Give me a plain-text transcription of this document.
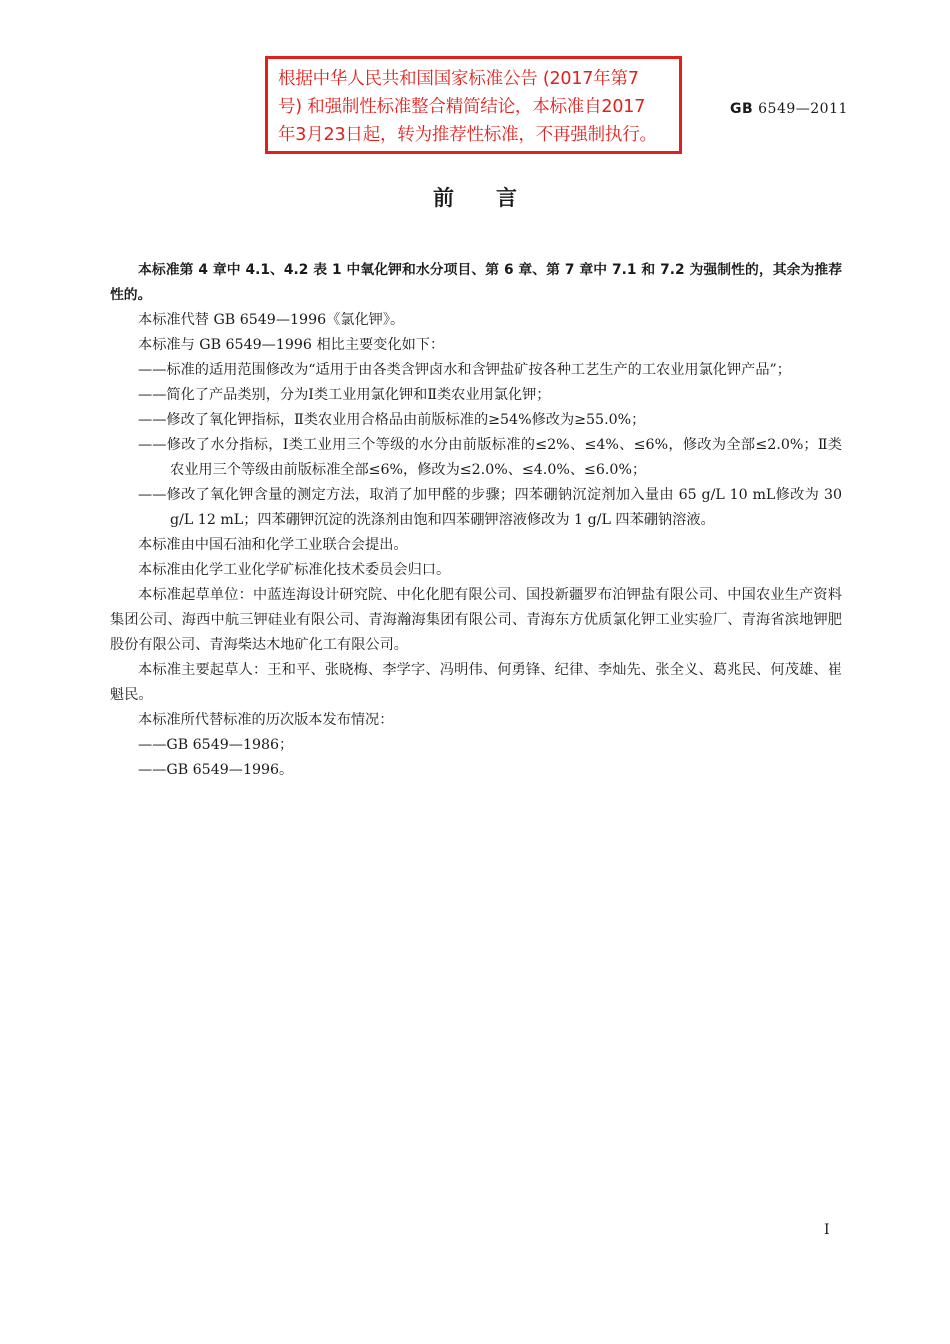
根据中华人民共和国国家标准公告 (2017年第7
号) 和强制性标准整合精简结论，本标准自2017
年3月23日起，转为推荐性标准，不再强制执行。
GB 6549—2011
前言

本标准第 4 章中 4.1、4.2 表 1 中氧化钾和水分项目、第 6 章、第 7 章中 7.1 和 7.2 为强制性的，其余为推荐性的。

本标准代替 GB 6549—1996《氯化钾》。

本标准与 GB 6549—1996 相比主要变化如下：

——标准的适用范围修改为“适用于由各类含钾卤水和含钾盐矿按各种工艺生产的工农业用氯化钾产品”；

——简化了产品类别，分为Ⅰ类工业用氯化钾和Ⅱ类农业用氯化钾；

——修改了氧化钾指标，Ⅱ类农业用合格品由前版标准的≥54%修改为≥55.0%；

——修改了水分指标，Ⅰ类工业用三个等级的水分由前版标准的≤2%、≤4%、≤6%，修改为全部≤2.0%；Ⅱ类农业用三个等级由前版标准全部≤6%，修改为≤2.0%、≤4.0%、≤6.0%；

——修改了氧化钾含量的测定方法，取消了加甲醛的步骤；四苯硼钠沉淀剂加入量由 65 g/L 10 mL修改为 30 g/L 12 mL；四苯硼钾沉淀的洗涤剂由饱和四苯硼钾溶液修改为 1 g/L 四苯硼钠溶液。

本标准由中国石油和化学工业联合会提出。

本标准由化学工业化学矿标准化技术委员会归口。

本标准起草单位：中蓝连海设计研究院、中化化肥有限公司、国投新疆罗布泊钾盐有限公司、中国农业生产资料集团公司、海西中航三钾硅业有限公司、青海瀚海集团有限公司、青海东方优质氯化钾工业实验厂、青海省滨地钾肥股份有限公司、青海柴达木地矿化工有限公司。

本标准主要起草人：王和平、张晓梅、李学字、冯明伟、何勇锋、纪律、李灿先、张全义、葛兆民、何茂雄、崔魁民。

本标准所代替标准的历次版本发布情况：

——GB 6549—1986；

——GB 6549—1996。

I
